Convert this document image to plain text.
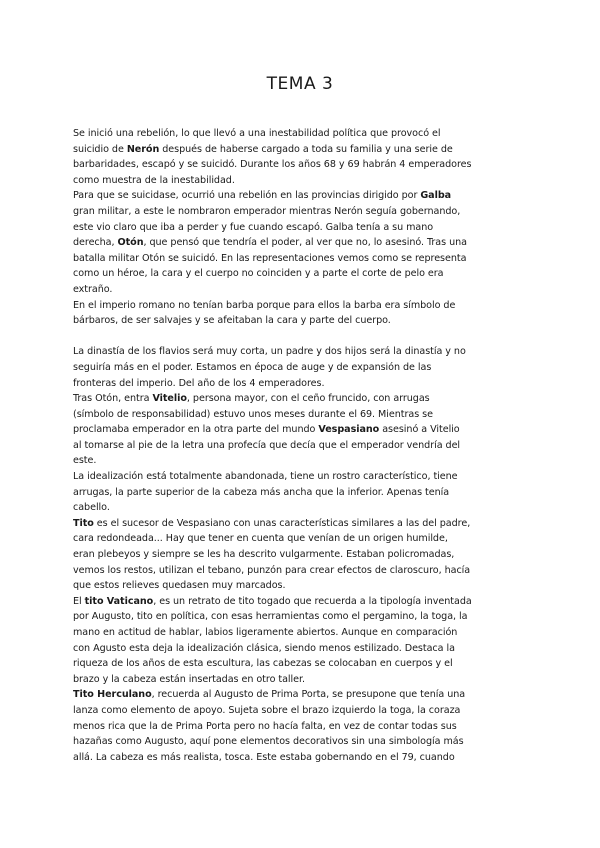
TEMA 3
Se inició una rebelión, lo que llevó a una inestabilidad política que provocó el
suicidio de Nerón después de haberse cargado a toda su familia y una serie de
barbaridades, escapó y se suicidó. Durante los años 68 y 69 habrán 4 emperadores
como muestra de la inestabilidad.
Para que se suicidase, ocurrió una rebelión en las provincias dirigido por Galba
gran militar, a este le nombraron emperador mientras Nerón seguía gobernando,
este vio claro que iba a perder y fue cuando escapó. Galba tenía a su mano
derecha, Otón, que pensó que tendría el poder, al ver que no, lo asesinó. Tras una
batalla militar Otón se suicidó. En las representaciones vemos como se representa
como un héroe, la cara y el cuerpo no coinciden y a parte el corte de pelo era
extraño.
En el imperio romano no tenían barba porque para ellos la barba era símbolo de
bárbaros, de ser salvajes y se afeitaban la cara y parte del cuerpo.
La dinastía de los flavios será muy corta, un padre y dos hijos será la dinastía y no
seguiría más en el poder. Estamos en época de auge y de expansión de las
fronteras del imperio. Del año de los 4 emperadores.
Tras Otón, entra Vitelio, persona mayor, con el ceño fruncido, con arrugas
(símbolo de responsabilidad) estuvo unos meses durante el 69. Mientras se
proclamaba emperador en la otra parte del mundo Vespasiano asesinó a Vitelio
al tomarse al pie de la letra una profecía que decía que el emperador vendría del
este.
La idealización está totalmente abandonada, tiene un rostro característico, tiene
arrugas, la parte superior de la cabeza más ancha que la inferior. Apenas tenía
cabello.
Tito es el sucesor de Vespasiano con unas características similares a las del padre,
cara redondeada... Hay que tener en cuenta que venían de un origen humilde,
eran plebeyos y siempre se les ha descrito vulgarmente. Estaban policromadas,
vemos los restos, utilizan el tebano, punzón para crear efectos de claroscuro, hacía
que estos relieves quedasen muy marcados.
El tito Vaticano, es un retrato de tito togado que recuerda a la tipología inventada
por Augusto, tito en política, con esas herramientas como el pergamino, la toga, la
mano en actitud de hablar, labios ligeramente abiertos. Aunque en comparación
con Agusto esta deja la idealización clásica, siendo menos estilizado. Destaca la
riqueza de los años de esta escultura, las cabezas se colocaban en cuerpos y el
brazo y la cabeza están insertadas en otro taller.
Tito Herculano, recuerda al Augusto de Prima Porta, se presupone que tenía una
lanza como elemento de apoyo. Sujeta sobre el brazo izquierdo la toga, la coraza
menos rica que la de Prima Porta pero no hacía falta, en vez de contar todas sus
hazañas como Augusto, aquí pone elementos decorativos sin una simbología más
allá. La cabeza es más realista, tosca. Este estaba gobernando en el 79, cuando
